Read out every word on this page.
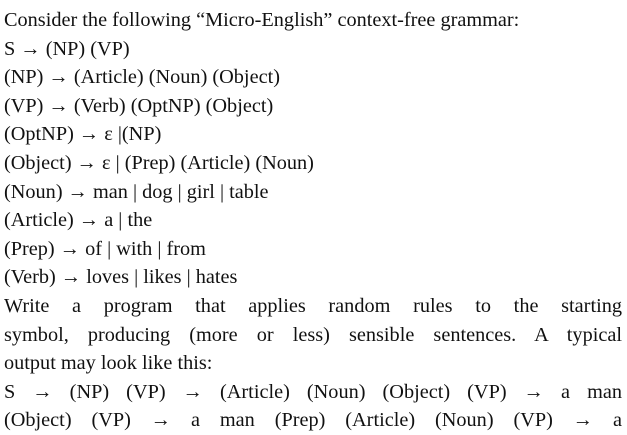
Consider the following “Micro-English” context-free grammar:
S → (NP) (VP)
(NP) → (Article) (Noun) (Object)
(VP) → (Verb) (OptNP) (Object)
(OptNP) → ε |(NP)
(Object) → ε | (Prep) (Article) (Noun)
(Noun) → man | dog | girl | table
(Article) → a | the
(Prep) → of | with | from
(Verb) → loves | likes | hates
Write a program that applies random rules to the starting
symbol, producing (more or less) sensible sentences. A typical
output may look like this:
S → (NP) (VP) → (Article) (Noun) (Object) (VP) → a man
(Object) (VP) → a man (Prep) (Article) (Noun) (VP) → a
